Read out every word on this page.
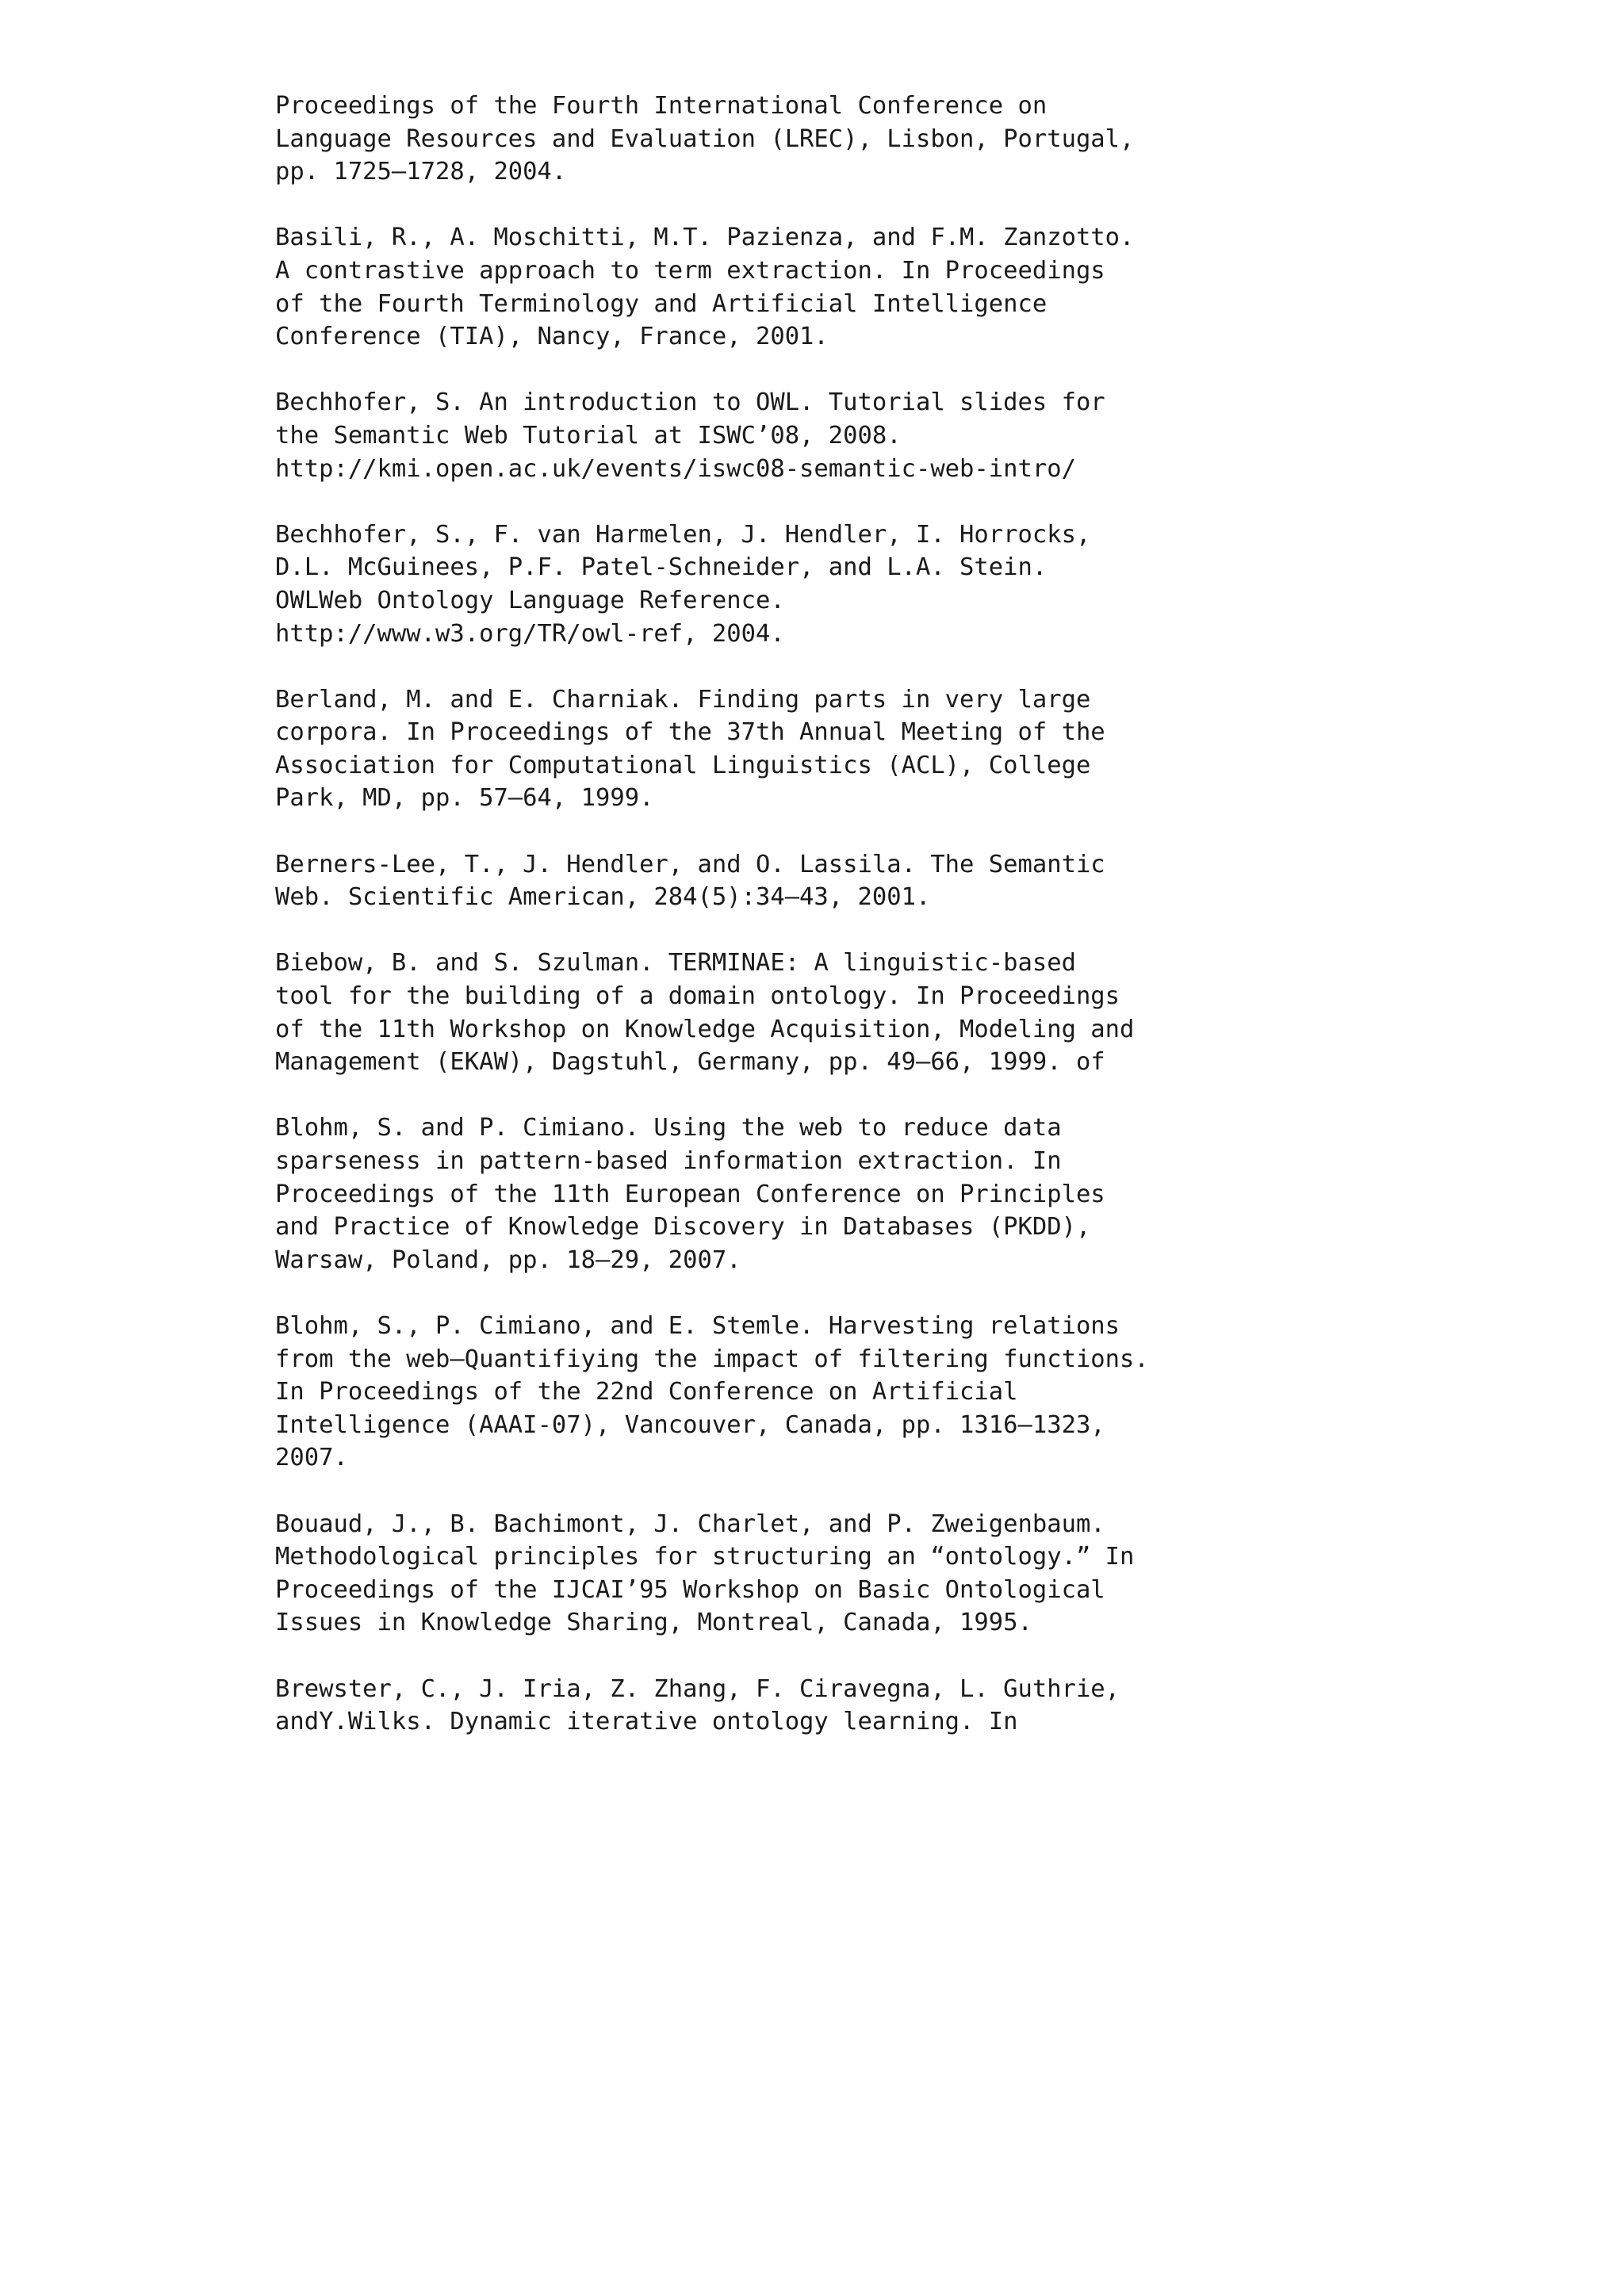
Proceedings of the Fourth International Conference on
Language Resources and Evaluation (LREC), Lisbon, Portugal,
pp. 1725–1728, 2004.
Basili, R., A. Moschitti, M.T. Pazienza, and F.M. Zanzotto.
A contrastive approach to term extraction. In Proceedings
of the Fourth Terminology and Artificial Intelligence
Conference (TIA), Nancy, France, 2001.
Bechhofer, S. An introduction to OWL. Tutorial slides for
the Semantic Web Tutorial at ISWC’08, 2008.
http://kmi.open.ac.uk/events/iswc08-semantic-web-intro/
Bechhofer, S., F. van Harmelen, J. Hendler, I. Horrocks,
D.L. McGuinees, P.F. Patel-Schneider, and L.A. Stein.
OWLWeb Ontology Language Reference.
http://www.w3.org/TR/owl-ref, 2004.
Berland, M. and E. Charniak. Finding parts in very large
corpora. In Proceedings of the 37th Annual Meeting of the
Association for Computational Linguistics (ACL), College
Park, MD, pp. 57–64, 1999.
Berners-Lee, T., J. Hendler, and O. Lassila. The Semantic
Web. Scientific American, 284(5):34–43, 2001.
Biebow, B. and S. Szulman. TERMINAE: A linguistic-based
tool for the building of a domain ontology. In Proceedings
of the 11th Workshop on Knowledge Acquisition, Modeling and
Management (EKAW), Dagstuhl, Germany, pp. 49–66, 1999. of
Blohm, S. and P. Cimiano. Using the web to reduce data
sparseness in pattern-based information extraction. In
Proceedings of the 11th European Conference on Principles
and Practice of Knowledge Discovery in Databases (PKDD),
Warsaw, Poland, pp. 18–29, 2007.
Blohm, S., P. Cimiano, and E. Stemle. Harvesting relations
from the web—Quantifiying the impact of filtering functions.
In Proceedings of the 22nd Conference on Artificial
Intelligence (AAAI-07), Vancouver, Canada, pp. 1316–1323,
2007.
Bouaud, J., B. Bachimont, J. Charlet, and P. Zweigenbaum.
Methodological principles for structuring an “ontology.” In
Proceedings of the IJCAI’95 Workshop on Basic Ontological
Issues in Knowledge Sharing, Montreal, Canada, 1995.
Brewster, C., J. Iria, Z. Zhang, F. Ciravegna, L. Guthrie,
andY.Wilks. Dynamic iterative ontology learning. In
